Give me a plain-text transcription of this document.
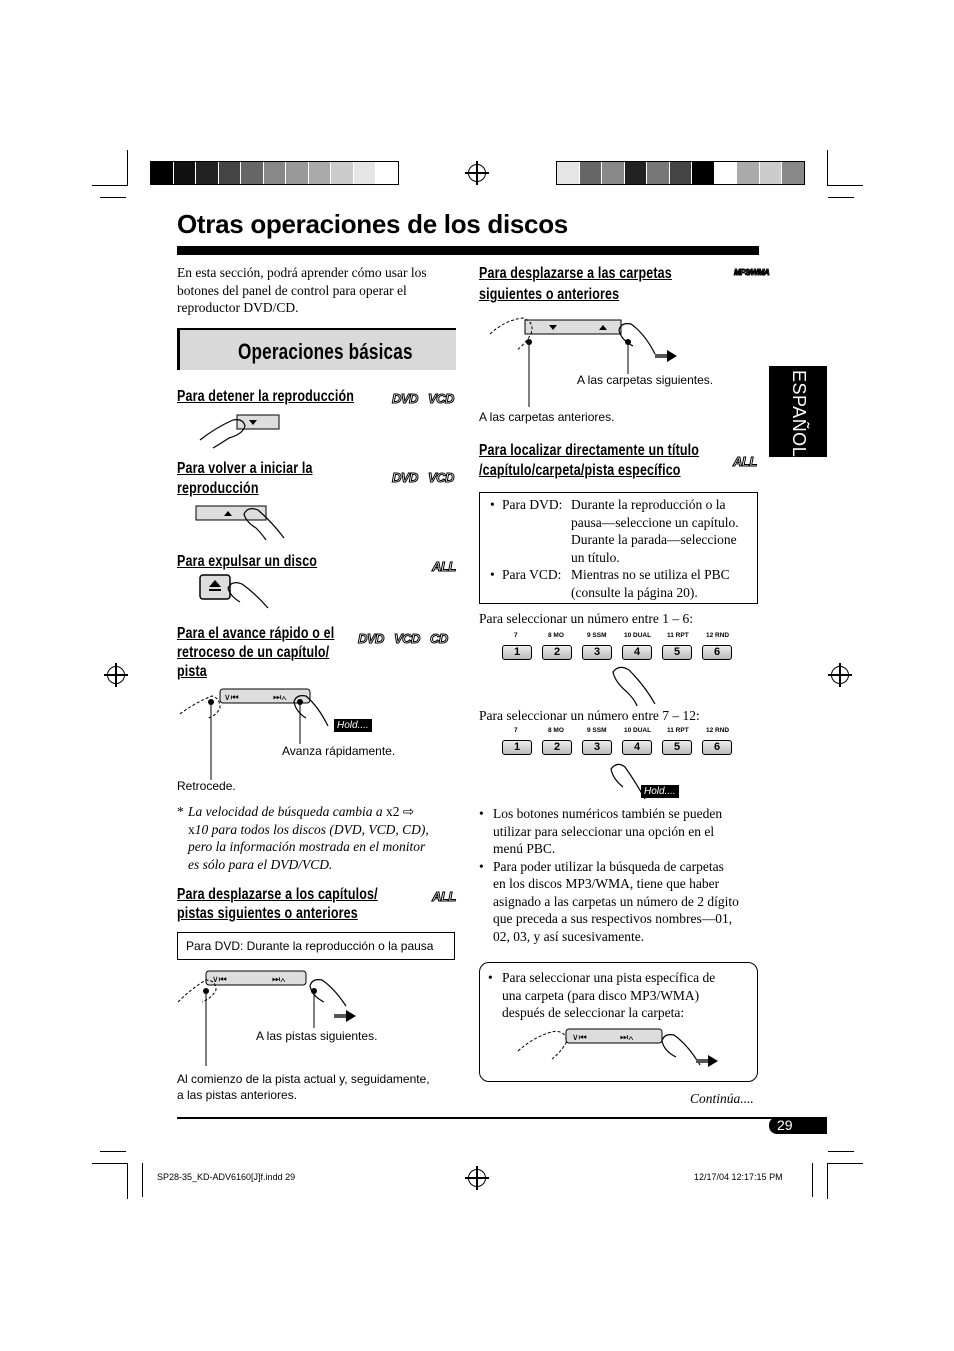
Otras operaciones de los discos
En esta sección, podrá aprender cómo usar los botones del panel de control para operar el reproductor DVD/CD.
Operaciones básicas
Para detener la reproducción	DVD VCD
Para volver a iniciar la
reproducción
DVD VCD
Para expulsar un disco	ALL
Para el avance rápido o el
retroceso de un capítulo/
pista
DVD VCD CD
∨⏮	⏭∧
Hold....
Avanza rápidamente.
Retrocede.
* La velocidad de búsqueda cambia a x2 ⇨
x10 para todos los discos (DVD, VCD, CD),
pero la información mostrada en el monitor
es sólo para el DVD/VCD.
Para desplazarse a los capítulos/
pistas siguientes o anteriores
ALL
Para DVD: Durante la reproducción o la pausa
∨⏮	⏭∧
A las pistas siguientes.
Al comienzo de la pista actual y, seguidamente,
a las pistas anteriores.
Para desplazarse a las carpetas
siguientes o anteriores
MP3/WMA
A las carpetas siguientes.
A las carpetas anteriores.
Para localizar directamente un título
/capítulo/carpeta/pista específico
ALL
• Para DVD: Durante la reproducción o la
pausa—seleccione un capítulo.
Durante la parada—seleccione
un título.
• Para VCD: Mientras no se utiliza el PBC
(consulte la página 20).
Para seleccionar un número entre 1 – 6:
7	8 MO	9 SSM	10 DUAL 11 RPT	12 RND
1	2	3	4	5	6
Para seleccionar un número entre 7 – 12:
7	8 MO	9 SSM	10 DUAL 11 RPT	12 RND
1	2	3	4	5	6
Hold....
• Los botones numéricos también se pueden
utilizar para seleccionar una opción en el
menú PBC.
• Para poder utilizar la búsqueda de carpetas
en los discos MP3/WMA, tiene que haber
asignado a las carpetas un número de 2 dígito
que preceda a sus respectivos nombres—01,
02, 03, y así sucesivamente.
• Para seleccionar una pista específica de
una carpeta (para disco MP3/WMA)
después de seleccionar la carpeta:
∨⏮	⏭∧
Continúa....
ESPAÑOL
29
SP28-35_KD-ADV6160[J]f.indd 29	12/17/04 12:17:15 PM
